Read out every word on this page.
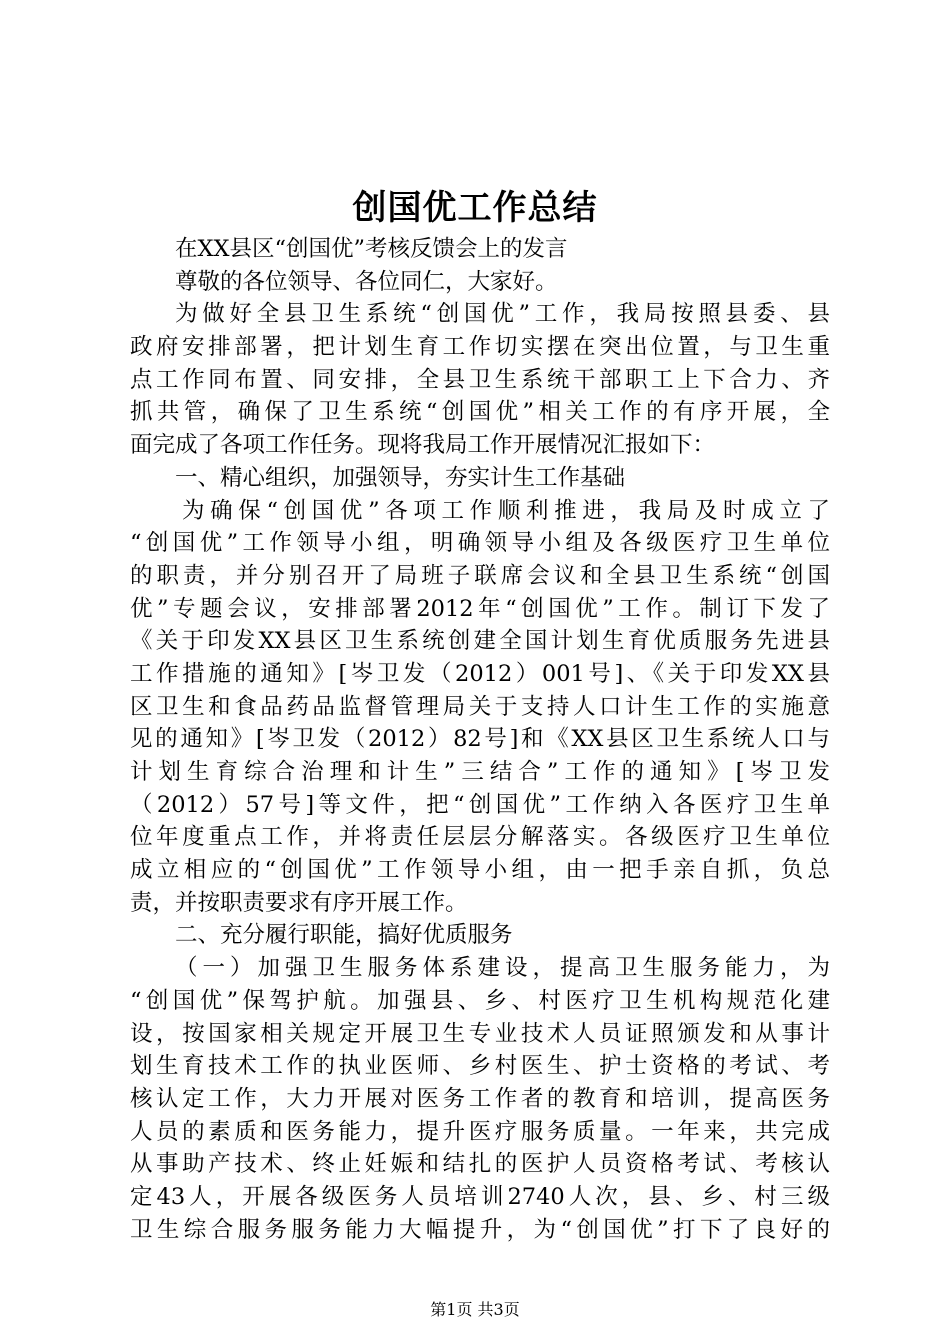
创国优工作总结
在XX县区“创国优”考核反馈会上的发言
尊敬的各位领导、各位同仁，大家好。
为做好全县卫生系统“创国优”工作，我局按照县委、县
政府安排部署，把计划生育工作切实摆在突出位置，与卫生重
点工作同布置、同安排，全县卫生系统干部职工上下合力、齐
抓共管，确保了卫生系统“创国优”相关工作的有序开展，全
面完成了各项工作任务。现将我局工作开展情况汇报如下：
一、精心组织，加强领导，夯实计生工作基础
为确保“创国优”各项工作顺利推进，我局及时成立了
“创国优”工作领导小组，明确领导小组及各级医疗卫生单位
的职责，并分别召开了局班子联席会议和全县卫生系统“创国
优”专题会议，安排部署2012年“创国优”工作。制订下发了
《关于印发XX县区卫生系统创建全国计划生育优质服务先进县
工作措施的通知》[岑卫发（2012）001号]、《关于印发XX县
区卫生和食品药品监督管理局关于支持人口计生工作的实施意
见的通知》[岑卫发（2012）82号]和《XX县区卫生系统人口与
计划生育综合治理和计生”三结合”工作的通知》[岑卫发
（2012）57号]等文件，把“创国优”工作纳入各医疗卫生单
位年度重点工作，并将责任层层分解落实。各级医疗卫生单位
成立相应的“创国优”工作领导小组，由一把手亲自抓，负总
责，并按职责要求有序开展工作。
二、充分履行职能，搞好优质服务
（一）加强卫生服务体系建设，提高卫生服务能力，为
“创国优”保驾护航。加强县、乡、村医疗卫生机构规范化建
设，按国家相关规定开展卫生专业技术人员证照颁发和从事计
划生育技术工作的执业医师、乡村医生、护士资格的考试、考
核认定工作，大力开展对医务工作者的教育和培训，提高医务
人员的素质和医务能力，提升医疗服务质量。一年来，共完成
从事助产技术、终止妊娠和结扎的医护人员资格考试、考核认
定43人，开展各级医务人员培训2740人次，县、乡、村三级
卫生综合服务服务能力大幅提升，为“创国优”打下了良好的
第1页 共3页
